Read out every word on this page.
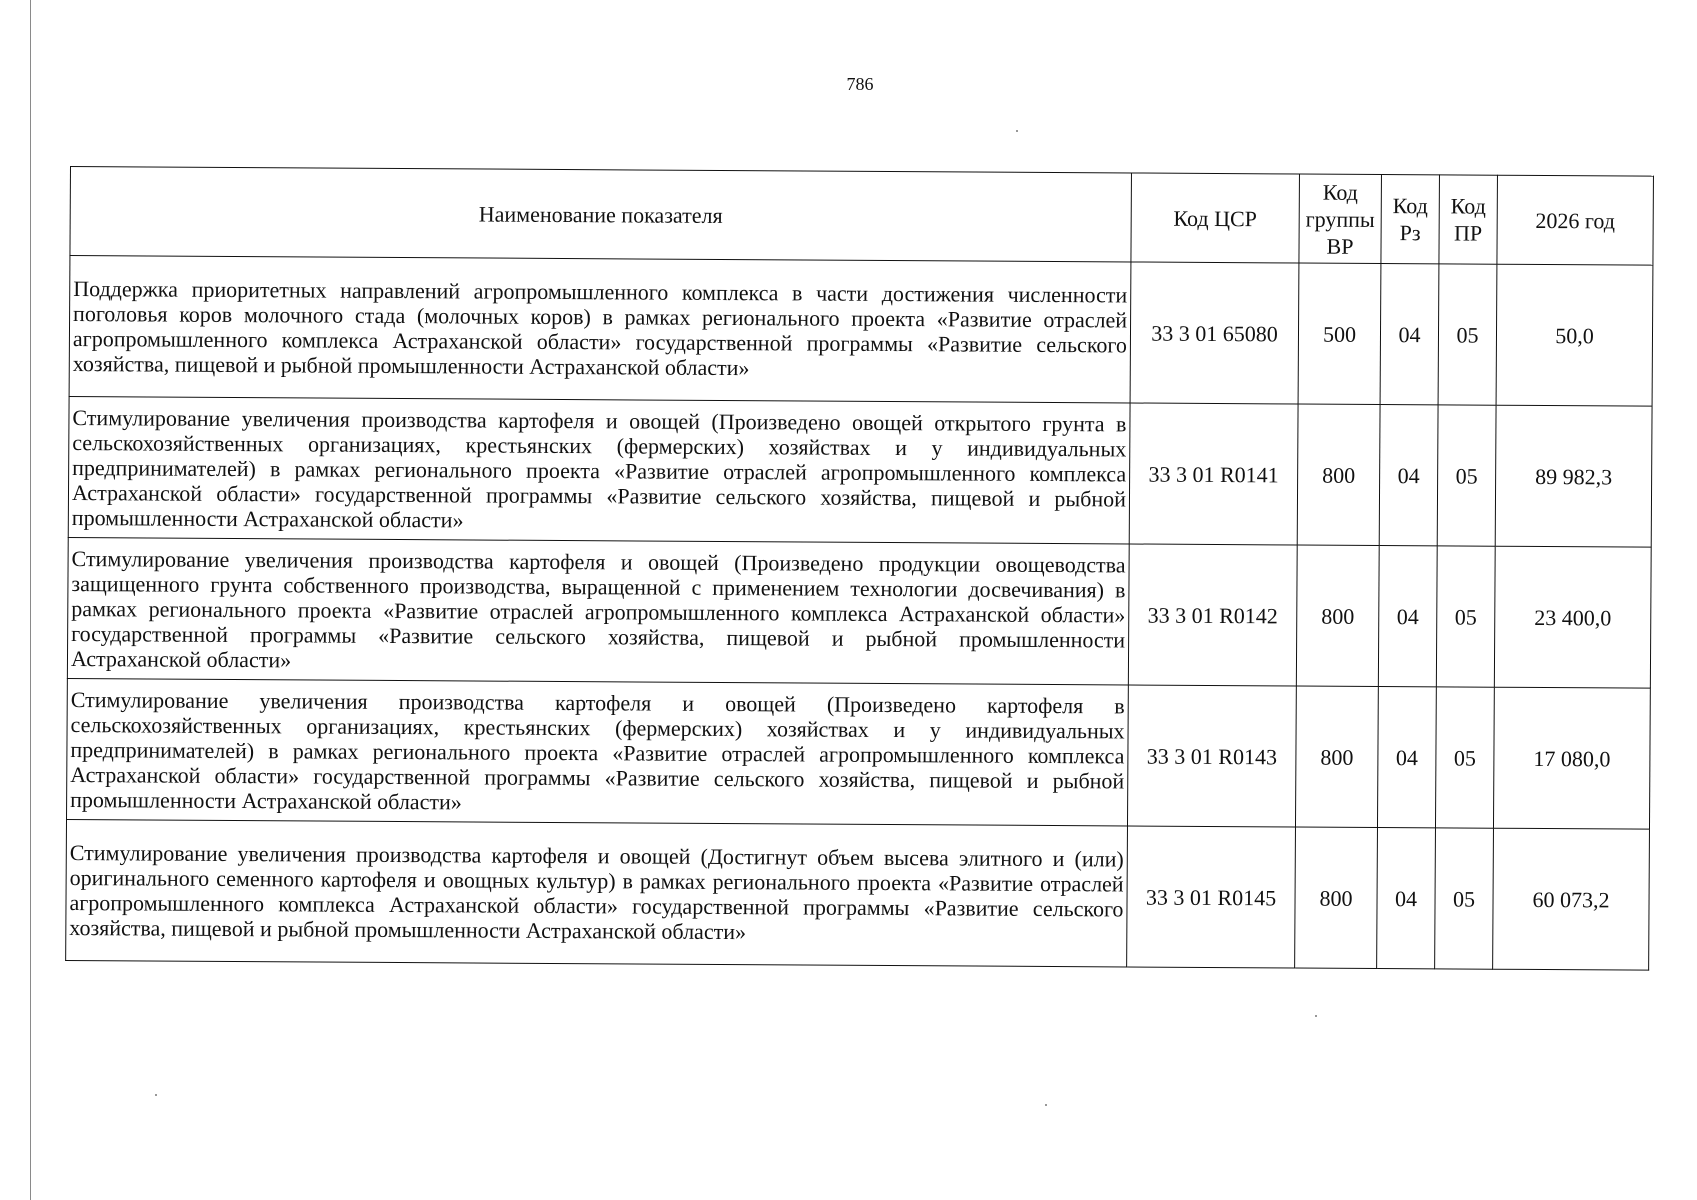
786
Наименование показателя	Код ЦСР	Код группы ВР	Код Рз	Код ПР	2026 год
Поддержка приоритетных направлений агропромышленного комплекса в части достижения численности поголовья коров молочного стада (молочных коров) в рамках регионального проекта «Развитие отраслей агропромышленного комплекса Астраханской области» государственной программы «Развитие сельского хозяйства, пищевой и рыбной промышленности Астраханской области»	33 3 01 65080	500	04	05	50,0
Стимулирование увеличения производства картофеля и овощей (Произведено овощей открытого грунта в сельскохозяйственных организациях, крестьянских (фермерских) хозяйствах и у индивидуальных предпринимателей) в рамках регионального проекта «Развитие отраслей агропромышленного комплекса Астраханской области» государственной программы «Развитие сельского хозяйства, пищевой и рыбной промышленности Астраханской области»	33 3 01 R0141	800	04	05	89 982,3
Стимулирование увеличения производства картофеля и овощей (Произведено продукции овощеводства защищенного грунта собственного производства, выращенной с применением технологии досвечивания) в рамках регионального проекта «Развитие отраслей агропромышленного комплекса Астраханской области» государственной программы «Развитие сельского хозяйства, пищевой и рыбной промышленности Астраханской области»	33 3 01 R0142	800	04	05	23 400,0
Стимулирование увеличения производства картофеля и овощей (Произведено картофеля в сельскохозяйственных организациях, крестьянских (фермерских) хозяйствах и у индивидуальных предпринимателей) в рамках регионального проекта «Развитие отраслей агропромышленного комплекса Астраханской области» государственной программы «Развитие сельского хозяйства, пищевой и рыбной промышленности Астраханской области»	33 3 01 R0143	800	04	05	17 080,0
Стимулирование увеличения производства картофеля и овощей (Достигнут объем высева элитного и (или) оригинального семенного картофеля и овощных культур) в рамках регионального проекта «Развитие отраслей агропромышленного комплекса Астраханской области» государственной программы «Развитие сельского хозяйства, пищевой и рыбной промышленности Астраханской области»	33 3 01 R0145	800	04	05	60 073,2
